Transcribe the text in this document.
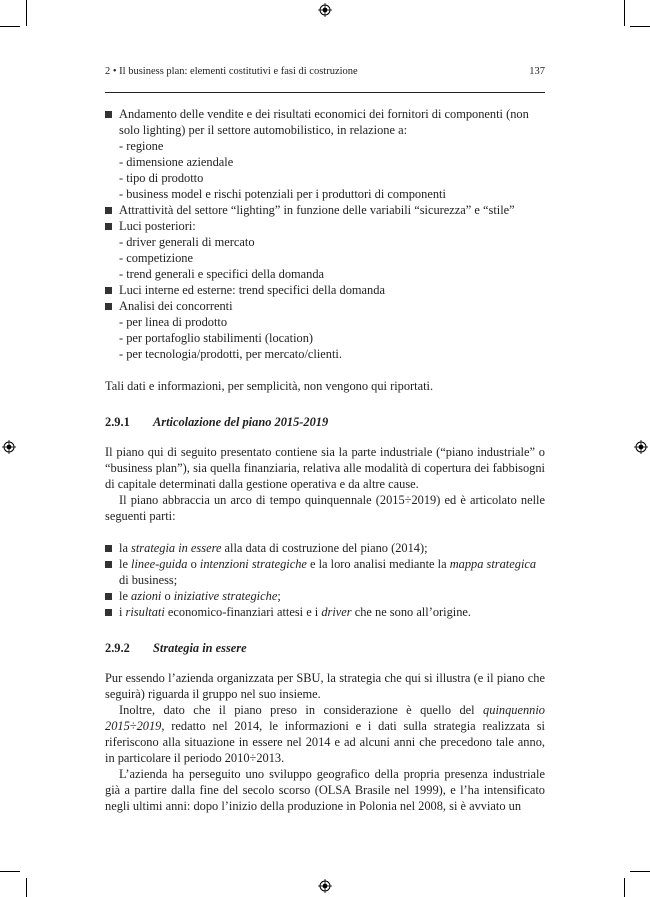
2 • Il business plan: elementi costitutivi e fasi di costruzione	137
Andamento delle vendite e dei risultati economici dei fornitori di componenti (non solo lighting) per il settore automobilistico, in relazione a:
- regione
- dimensione aziendale
- tipo di prodotto
- business model e rischi potenziali per i produttori di componenti
Attrattività del settore “lighting” in funzione delle variabili “sicurezza” e “stile”
Luci posteriori:
- driver generali di mercato
- competizione
- trend generali e specifici della domanda
Luci interne ed esterne: trend specifici della domanda
Analisi dei concorrenti
- per linea di prodotto
- per portafoglio stabilimenti (location)
- per tecnologia/prodotti, per mercato/clienti.

Tali dati e informazioni, per semplicità, non vengono qui riportati.

2.9.1 Articolazione del piano 2015-2019

Il piano qui di seguito presentato contiene sia la parte industriale (“piano industriale” o “business plan”), sia quella finanziaria, relativa alle modalità di copertura dei fabbisogni di capitale determinati dalla gestione operativa e da altre cause.

Il piano abbraccia un arco di tempo quinquennale (2015÷2019) ed è articolato nelle seguenti parti:

la strategia in essere alla data di costruzione del piano (2014);
le linee-guida o intenzioni strategiche e la loro analisi mediante la mappa strategica di business;
le azioni o iniziative strategiche;
i risultati economico-finanziari attesi e i driver che ne sono all’origine.

2.9.2 Strategia in essere

Pur essendo l’azienda organizzata per SBU, la strategia che qui si illustra (e il piano che seguirà) riguarda il gruppo nel suo insieme.

Inoltre, dato che il piano preso in considerazione è quello del quinquennio 2015÷2019, redatto nel 2014, le informazioni e i dati sulla strategia realizzata si riferiscono alla situazione in essere nel 2014 e ad alcuni anni che precedono tale anno, in particolare il periodo 2010÷2013.

L’azienda ha perseguito uno sviluppo geografico della propria presenza industriale già a partire dalla fine del secolo scorso (OLSA Brasile nel 1999), e l’ha intensificato negli ultimi anni: dopo l’inizio della produzione in Polonia nel 2008, si è avviato un
